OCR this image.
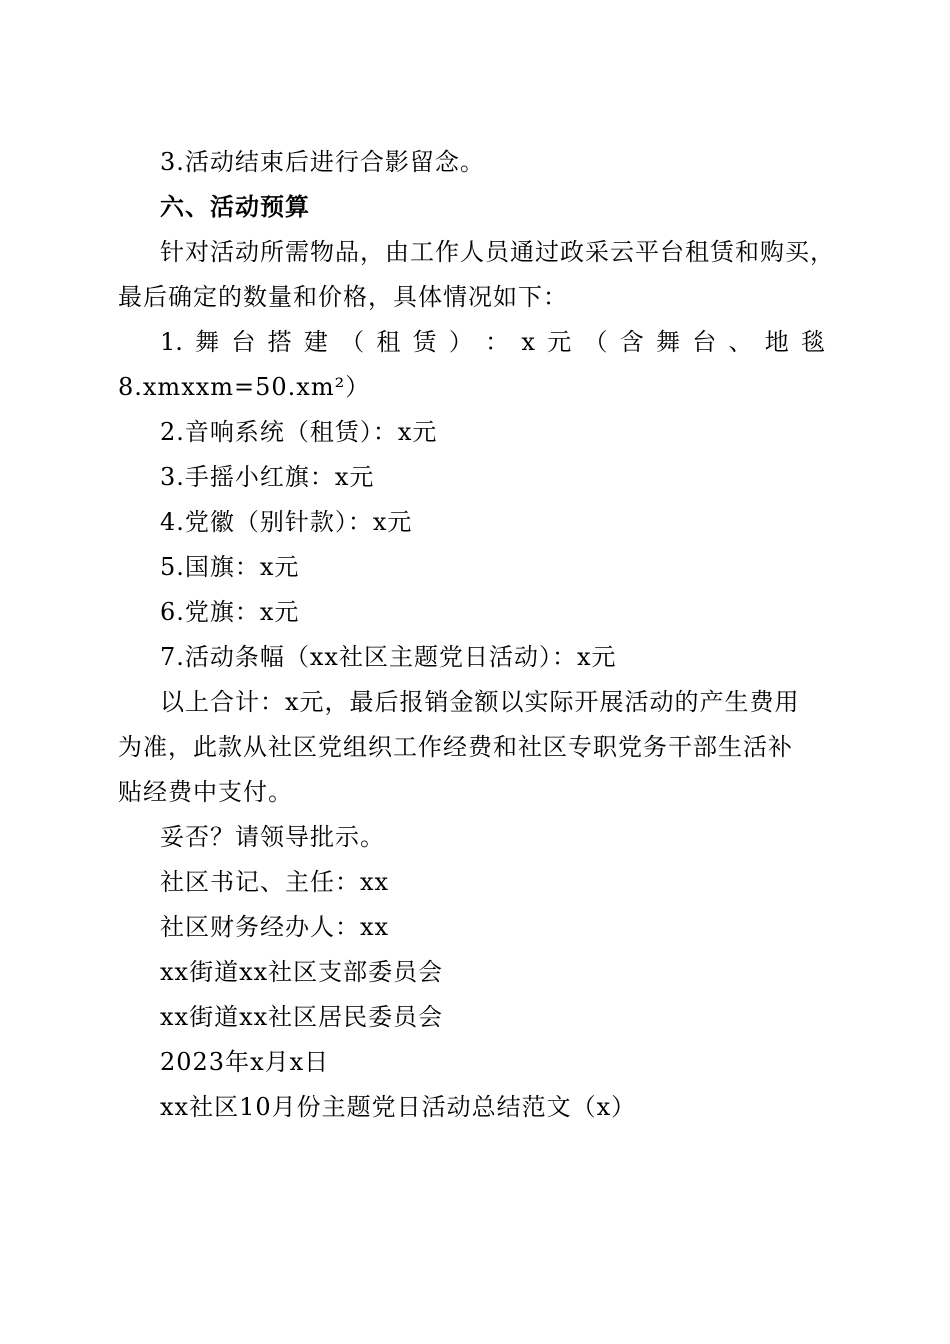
3.活动结束后进行合影留念。
六、活动预算
针对活动所需物品，由工作人员通过政采云平台租赁和购买，
最后确定的数量和价格，具体情况如下：
1. 舞 台 搭 建 （ 租 赁 ） ： x 元 （ 含 舞 台 、 地 毯
8.xmxxm=50.xm²）
2.音响系统（租赁）：x元
3.手摇小红旗：x元
4.党徽（别针款）：x元
5.国旗：x元
6.党旗：x元
7.活动条幅（xx社区主题党日活动）：x元
以上合计：x元，最后报销金额以实际开展活动的产生费用
为准，此款从社区党组织工作经费和社区专职党务干部生活补
贴经费中支付。
妥否？请领导批示。
社区书记、主任：xx
社区财务经办人：xx
xx街道xx社区支部委员会
xx街道xx社区居民委员会
2023年x月x日
xx社区10月份主题党日活动总结范文（x）
